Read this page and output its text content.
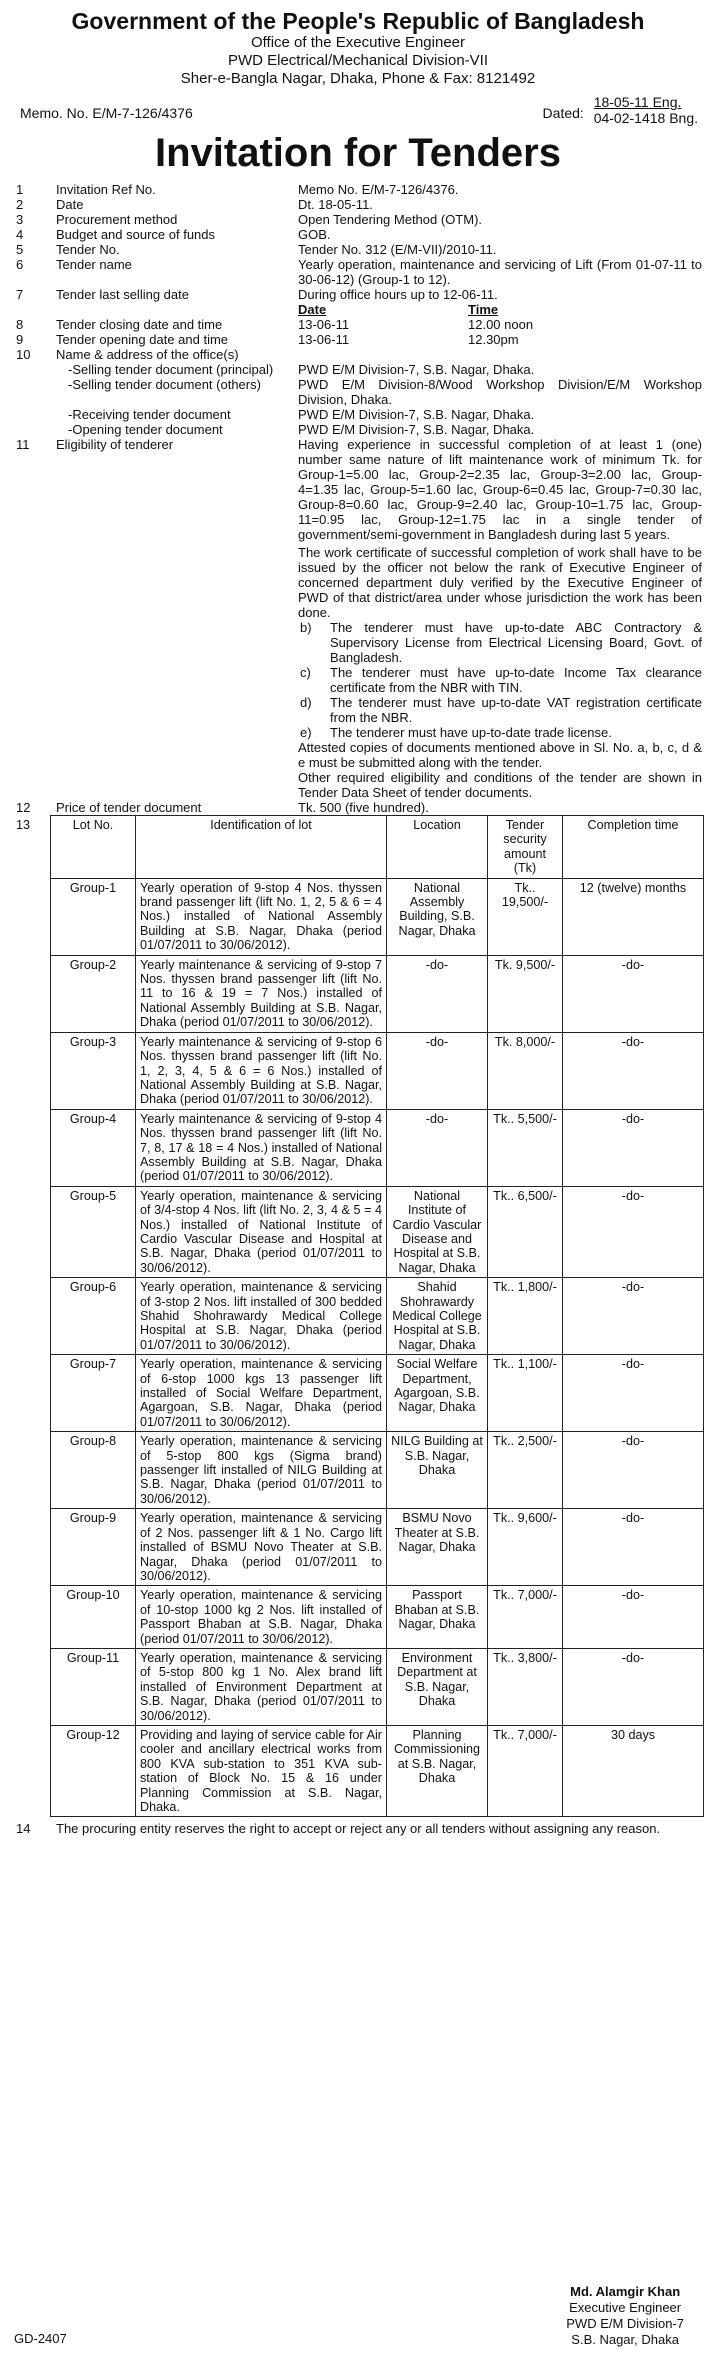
Government of the People's Republic of Bangladesh
Office of the Executive Engineer
PWD Electrical/Mechanical Division-VII
Sher-e-Bangla Nagar, Dhaka, Phone & Fax: 8121492
Memo. No. E/M-7-126/4376	Dated:
18-05-11 Eng.
04-02-1418 Bng.
Invitation for Tenders
1	Invitation Ref No.	Memo No. E/M-7-126/4376.
2	Date	Dt. 18-05-11.
3	Procurement method	Open Tendering Method (OTM).
4	Budget and source of funds	GOB.
5	Tender No.	Tender No. 312 (E/M-VII)/2010-11.
6	Tender name	Yearly operation, maintenance and servicing of Lift (From 01-07-11 to 30-06-12) (Group-1 to 12).
7	Tender last selling date	During office hours up to 12-06-11.

Date	Time

8	Tender closing date and time		13-06-11	12.00 noon

9	Tender opening date and time		13-06-11	12.30pm

10	Name & address of the office(s)
	-Selling tender document (principal)	PWD E/M Division-7, S.B. Nagar, Dhaka.
	-Selling tender document (others)	PWD E/M Division-8/Wood Workshop Division/E/M Workshop Division, Dhaka.
	-Receiving tender document	PWD E/M Division-7, S.B. Nagar, Dhaka.
	-Opening tender document	PWD E/M Division-7, S.B. Nagar, Dhaka.
11	Eligibility of tenderer	Having experience in successful completion of at least 1 (one) number same nature of lift maintenance work of minimum Tk. for Group-1=5.00 lac, Group-2=2.35 lac, Group-3=2.00 lac, Group-4=1.35 lac, Group-5=1.60 lac, Group-6=0.45 lac, Group-7=0.30 lac, Group-8=0.60 lac, Group-9=2.40 lac, Group-10=1.75 lac, Group-11=0.95 lac, Group-12=1.75 lac in a single tender of government/semi-government in Bangladesh during last 5 years.
The work certificate of successful completion of work shall have to be issued by the officer not below the rank of Executive Engineer of concerned department duly verified by the Executive Engineer of PWD of that district/area under whose jurisdiction the work has been done.
b) The tenderer must have up-to-date ABC Contractory & Supervisory License from Electrical Licensing Board, Govt. of Bangladesh.
c) The tenderer must have up-to-date Income Tax clearance certificate from the NBR with TIN.
d) The tenderer must have up-to-date VAT registration certificate from the NBR.
e) The tenderer must have up-to-date trade license.
Attested copies of documents mentioned above in Sl. No. a, b, c, d & e must be submitted along with the tender.
Other required eligibility and conditions of the tender are shown in Tender Data Sheet of tender documents.

12	Price of tender document	Tk. 500 (five hundred).
13	Lot No.	Identification of lot	Location	Tender security amount (Tk)	Completion time
	Group-1	Yearly operation of 9-stop 4 Nos. thyssen brand passenger lift (lift No. 1, 2, 5 & 6 = 4 Nos.) installed of National Assembly Building at S.B. Nagar, Dhaka (period 01/07/2011 to 30/06/2012).	National Assembly Building, S.B. Nagar, Dhaka	Tk.. 19,500/-	12 (twelve) months
	Group-2	Yearly maintenance & servicing of 9-stop 7 Nos. thyssen brand passenger lift (lift No. 11 to 16 & 19 = 7 Nos.) installed of National Assembly Building at S.B. Nagar, Dhaka (period 01/07/2011 to 30/06/2012).	-do-	Tk. 9,500/-	-do-
	Group-3	Yearly maintenance & servicing of 9-stop 6 Nos. thyssen brand passenger lift (lift No. 1, 2, 3, 4, 5 & 6 = 6 Nos.) installed of National Assembly Building at S.B. Nagar, Dhaka (period 01/07/2011 to 30/06/2012).	-do-	Tk. 8,000/-	-do-
	Group-4	Yearly maintenance & servicing of 9-stop 4 Nos. thyssen brand passenger lift (lift No. 7, 8, 17 & 18 = 4 Nos.) installed of National Assembly Building at S.B. Nagar, Dhaka (period 01/07/2011 to 30/06/2012).	-do-	Tk.. 5,500/-	-do-
	Group-5	Yearly operation, maintenance & servicing of 3/4-stop 4 Nos. lift (lift No. 2, 3, 4 & 5 = 4 Nos.) installed of National Institute of Cardio Vascular Disease and Hospital at S.B. Nagar, Dhaka (period 01/07/2011 to 30/06/2012).	National Institute of Cardio Vascular Disease and Hospital at S.B. Nagar, Dhaka	Tk.. 6,500/-	-do-
	Group-6	Yearly operation, maintenance & servicing of 3-stop 2 Nos. lift installed of 300 bedded Shahid Shohrawardy Medical College Hospital at S.B. Nagar, Dhaka (period 01/07/2011 to 30/06/2012).	Shahid Shohrawardy Medical College Hospital at S.B. Nagar, Dhaka	Tk.. 1,800/-	-do-
	Group-7	Yearly operation, maintenance & servicing of 6-stop 1000 kgs 13 passenger lift installed of Social Welfare Department, Agargoan, S.B. Nagar, Dhaka (period 01/07/2011 to 30/06/2012).	Social Welfare Department, Agargoan, S.B. Nagar, Dhaka	Tk.. 1,100/-	-do-
	Group-8	Yearly operation, maintenance & servicing of 5-stop 800 kgs (Sigma brand) passenger lift installed of NILG Building at S.B. Nagar, Dhaka (period 01/07/2011 to 30/06/2012).	NILG Building at S.B. Nagar, Dhaka	Tk.. 2,500/-	-do-
	Group-9	Yearly operation, maintenance & servicing of 2 Nos. passenger lift & 1 No. Cargo lift installed of BSMU Novo Theater at S.B. Nagar, Dhaka (period 01/07/2011 to 30/06/2012).	BSMU Novo Theater at S.B. Nagar, Dhaka	Tk.. 9,600/-	-do-
	Group-10	Yearly operation, maintenance & servicing of 10-stop 1000 kg 2 Nos. lift installed of Passport Bhaban at S.B. Nagar, Dhaka (period 01/07/2011 to 30/06/2012).	Passport Bhaban at S.B. Nagar, Dhaka	Tk.. 7,000/-	-do-
	Group-11	Yearly operation, maintenance & servicing of 5-stop 800 kg 1 No. Alex brand lift installed of Environment Department at S.B. Nagar, Dhaka (period 01/07/2011 to 30/06/2012).	Environment Department at S.B. Nagar, Dhaka	Tk.. 3,800/-	-do-
	Group-12	Providing and laying of service cable for Air cooler and ancillary electrical works from 800 KVA sub-station to 351 KVA sub-station of Block No. 15 & 16 under Planning Commission at S.B. Nagar, Dhaka.	Planning Commissioning at S.B. Nagar, Dhaka	Tk.. 7,000/-	30 days
14	The procuring entity reserves the right to accept or reject any or all tenders without assigning any reason.
Md. Alamgir Khan
Executive Engineer
PWD E/M Division-7
S.B. Nagar, Dhaka
GD-2407
